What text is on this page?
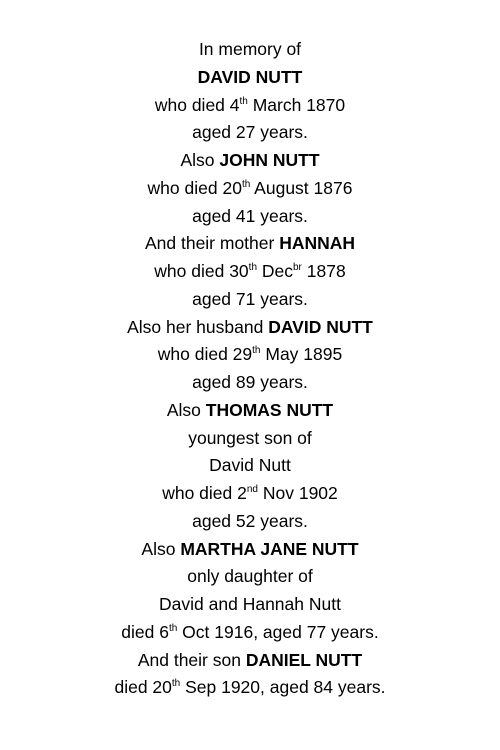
In memory of
DAVID NUTT
who died 4th March 1870
aged 27 years.
Also JOHN NUTT
who died 20th August 1876
aged 41 years.
And their mother HANNAH
who died 30th Dec$^{br}$ 1878
aged 71 years.
Also her husband DAVID NUTT
who died 29th May 1895
aged 89 years.
Also THOMAS NUTT
youngest son of
David Nutt
who died 2nd Nov 1902
aged 52 years.
Also MARTHA JANE NUTT
only daughter of
David and Hannah Nutt
died 6th Oct 1916, aged 77 years.
And their son DANIEL NUTT
died 20th Sep 1920, aged 84 years.
